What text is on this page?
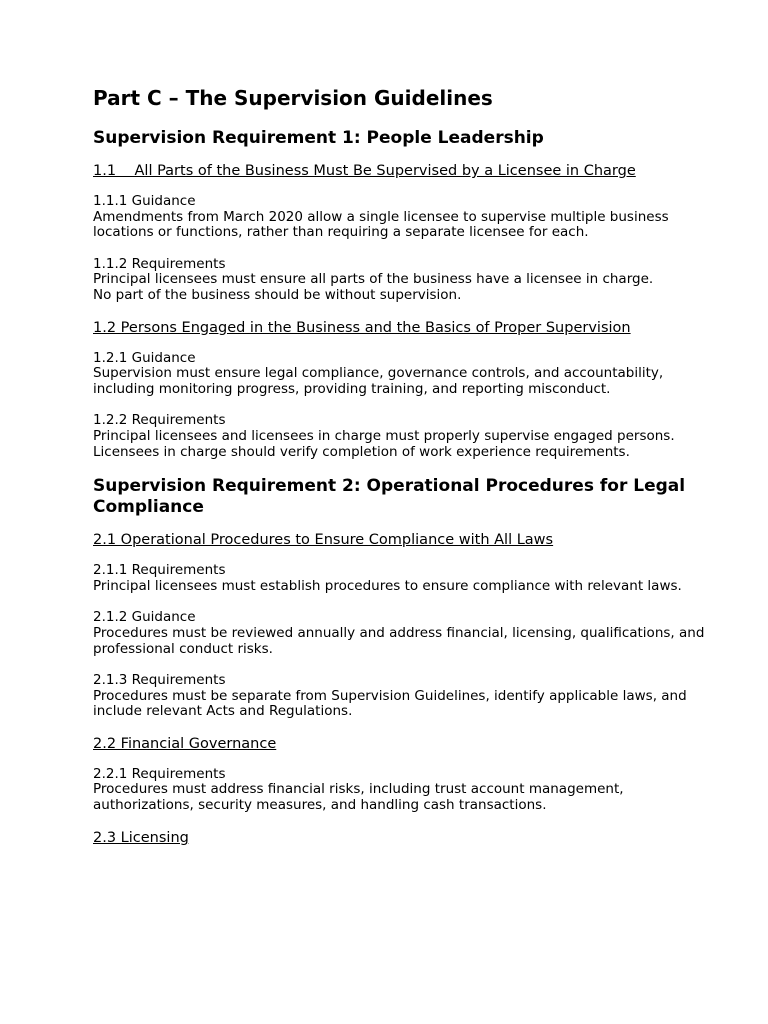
Part C – The Supervision Guidelines
Supervision Requirement 1: People Leadership
1.1    All Parts of the Business Must Be Supervised by a Licensee in Charge

1.1.1 Guidance

Amendments from March 2020 allow a single licensee to supervise multiple business locations or functions, rather than requiring a separate licensee for each.

1.1.2 Requirements

Principal licensees must ensure all parts of the business have a licensee in charge.

No part of the business should be without supervision.

1.2 Persons Engaged in the Business and the Basics of Proper Supervision

1.2.1 Guidance

Supervision must ensure legal compliance, governance controls, and accountability, including monitoring progress, providing training, and reporting misconduct.

1.2.2 Requirements

Principal licensees and licensees in charge must properly supervise engaged persons.

Licensees in charge should verify completion of work experience requirements.

Supervision Requirement 2: Operational Procedures for Legal Compliance
2.1 Operational Procedures to Ensure Compliance with All Laws

2.1.1 Requirements

Principal licensees must establish procedures to ensure compliance with relevant laws.

2.1.2 Guidance

Procedures must be reviewed annually and address financial, licensing, qualifications, and professional conduct risks.

2.1.3 Requirements

Procedures must be separate from Supervision Guidelines, identify applicable laws, and include relevant Acts and Regulations.

2.2 Financial Governance

2.2.1 Requirements

Procedures must address financial risks, including trust account management, authorizations, security measures, and handling cash transactions.

2.3 Licensing
